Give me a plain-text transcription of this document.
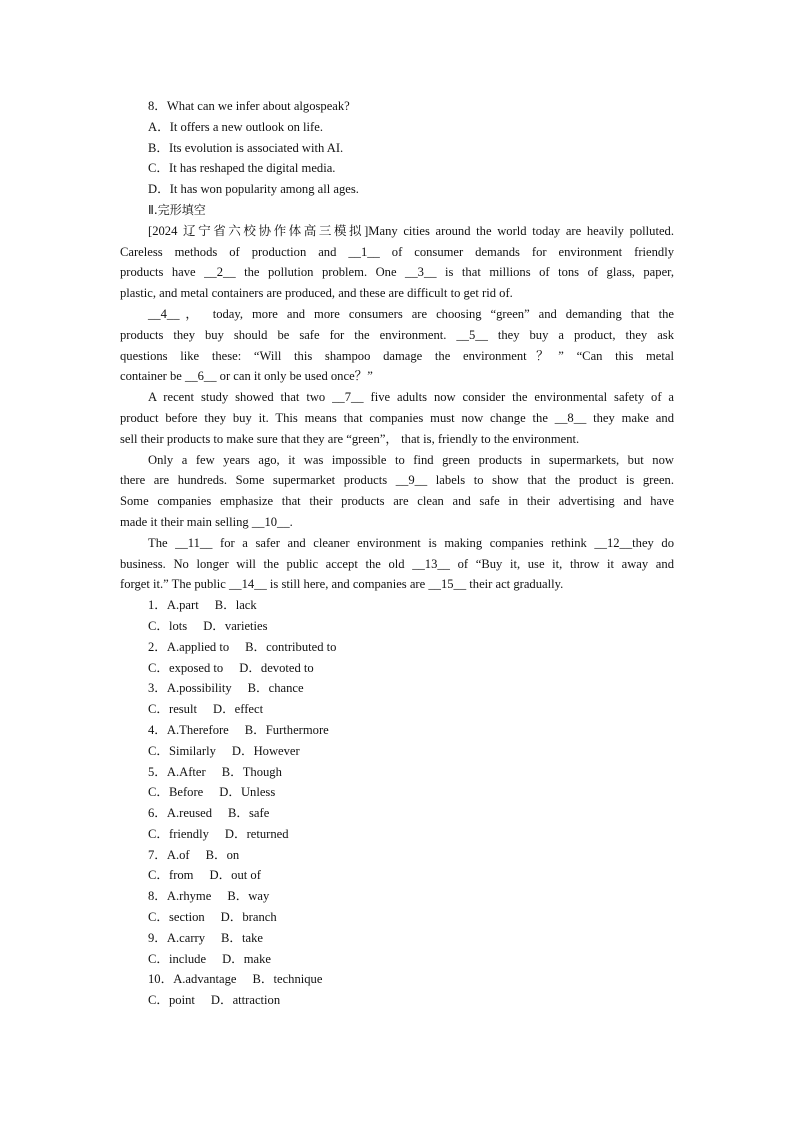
8．What can we infer about algospeak?
A．It offers a new outlook on life.
B．Its evolution is associated with AI.
C．It has reshaped the digital media.
D．It has won popularity among all ages.
Ⅱ.完形填空
[2024 辽宁省六校协作体高三模拟]Many cities around the world today are heavily polluted.
Careless methods of production and __1__ of consumer demands for environment friendly
products have __2__ the pollution problem. One __3__ is that millions of tons of glass, paper,
plastic, and metal containers are produced, and these are difficult to get rid of.
__4__， today, more and more consumers are choosing “green” and demanding that the
products they buy should be safe for the environment. __5__ they buy a product, they ask
questions like these: “Will this shampoo damage the environment？” “Can this metal
container be __6__ or can it only be used once？”
A recent study showed that two __7__ five adults now consider the environmental safety of a
product before they buy it. This means that companies must now change the __8__ they make and
sell their products to make sure that they are “green”， that is, friendly to the environment.
Only a few years ago, it was impossible to find green products in supermarkets, but now
there are hundreds. Some supermarket products __9__ labels to show that the product is green.
Some companies emphasize that their products are clean and safe in their advertising and have
made it their main selling __10__.
The __11__ for a safer and cleaner environment is making companies rethink __12__they do
business. No longer will the public accept the old __13__ of “Buy it, use it, throw it away and
forget it.” The public __14__ is still here, and companies are __15__ their act gradually.
1．A.part B．lack
C．lots D．varieties
2．A.applied to B．contributed to
C．exposed to D．devoted to
3．A.possibility B．chance
C．result D．effect
4．A.Therefore B．Furthermore
C．Similarly D．However
5．A.After B．Though
C．Before D．Unless
6．A.reused B．safe
C．friendly D．returned
7．A.of B．on
C．from D．out of
8．A.rhyme B．way
C．section D．branch
9．A.carry B．take
C．include D．make
10．A.advantage B．technique
C．point D．attraction
